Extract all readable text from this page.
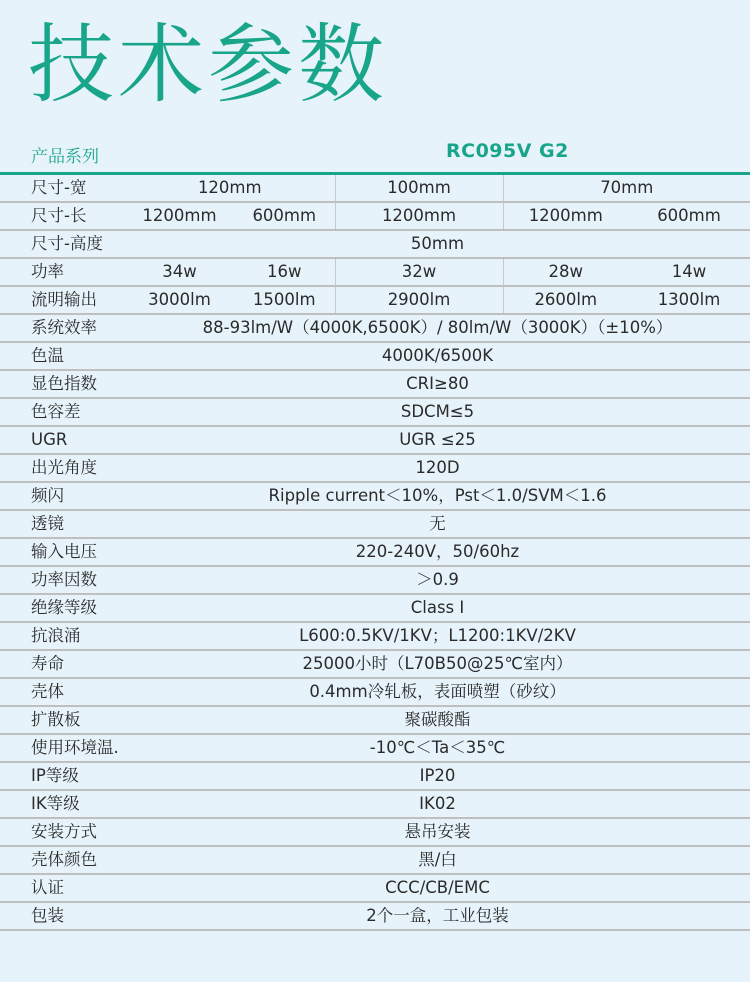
技术参数
产品系列	RC095V G2
尺寸-宽	120mm		100mm	70mm	
尺寸-长	1200mm	600mm	1200mm	1200mm	600mm
尺寸-高度	50mm				
功率	34w	16w	32w	28w	14w
流明输出	3000lm	1500lm	2900lm	2600lm	1300lm
系统效率	88-93lm/W（4000K,6500K）/ 80lm/W（3000K）（±10%）				
色温	4000K/6500K				
显色指数	CRI≥80				
色容差	SDCM≤5				
UGR	UGR ≤25				
出光角度	120D				
频闪	Ripple current＜10%，Pst＜1.0/SVM＜1.6				
透镜	无				
输入电压	220-240V，50/60hz				
功率因数	＞0.9				
绝缘等级	Class I				
抗浪涌	L600:0.5KV/1KV；L1200:1KV/2KV				
寿命	25000小时（L70B50@25℃室内）				
壳体	0.4mm冷轧板，表面喷塑（砂纹）				
扩散板	聚碳酸酯				
使用环境温.	-10℃＜Ta＜35℃				
IP等级	IP20				
IK等级	IK02				
安装方式	悬吊安装				
壳体颜色	黑/白				
认证	CCC/CB/EMC				
包装	2个一盒，工业包装				
